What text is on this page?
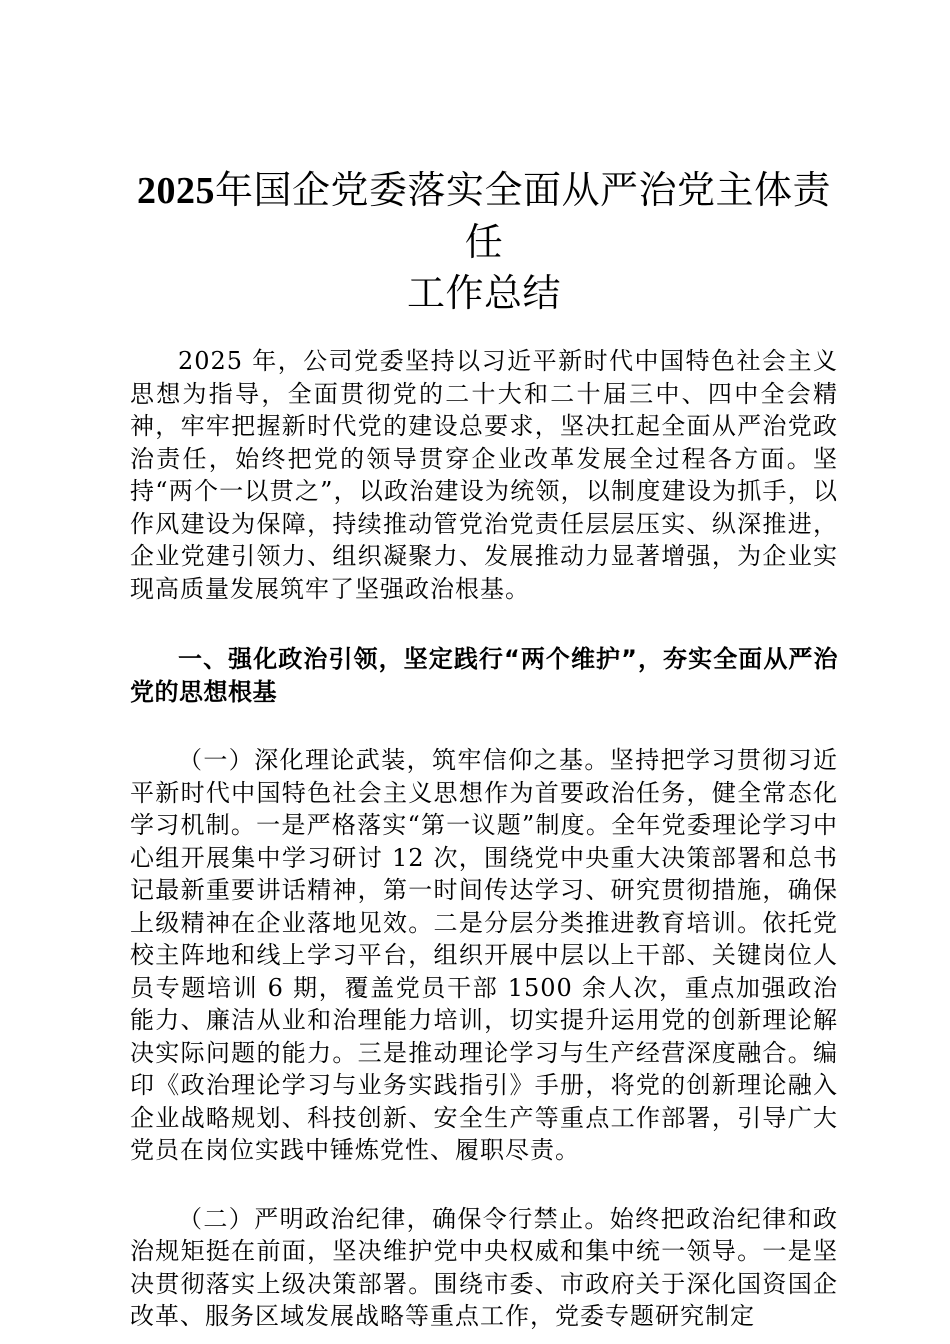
2025年国企党委落实全面从严治党主体责任
工作总结

2025 年，公司党委坚持以习近平新时代中国特色社会主义思想为指导，全面贯彻党的二十大和二十届三中、四中全会精神，牢牢把握新时代党的建设总要求，坚决扛起全面从严治党政治责任，始终把党的领导贯穿企业改革发展全过程各方面。坚持“两个一以贯之”，以政治建设为统领，以制度建设为抓手，以作风建设为保障，持续推动管党治党责任层层压实、纵深推进，企业党建引领力、组织凝聚力、发展推动力显著增强，为企业实现高质量发展筑牢了坚强政治根基。

一、强化政治引领，坚定践行“两个维护”，夯实全面从严治党的思想根基

（一）深化理论武装，筑牢信仰之基。坚持把学习贯彻习近平新时代中国特色社会主义思想作为首要政治任务，健全常态化学习机制。一是严格落实“第一议题”制度。全年党委理论学习中心组开展集中学习研讨 12 次，围绕党中央重大决策部署和总书记最新重要讲话精神，第一时间传达学习、研究贯彻措施，确保上级精神在企业落地见效。二是分层分类推进教育培训。依托党校主阵地和线上学习平台，组织开展中层以上干部、关键岗位人员专题培训 6 期，覆盖党员干部 1500 余人次，重点加强政治能力、廉洁从业和治理能力培训，切实提升运用党的创新理论解决实际问题的能力。三是推动理论学习与生产经营深度融合。编印《政治理论学习与业务实践指引》手册，将党的创新理论融入企业战略规划、科技创新、安全生产等重点工作部署，引导广大党员在岗位实践中锤炼党性、履职尽责。

（二）严明政治纪律，确保令行禁止。始终把政治纪律和政治规矩挺在前面，坚决维护党中央权威和集中统一领导。一是坚决贯彻落实上级决策部署。围绕市委、市政府关于深化国资国企改革、服务区域发展战略等重点工作，党委专题研究制定
